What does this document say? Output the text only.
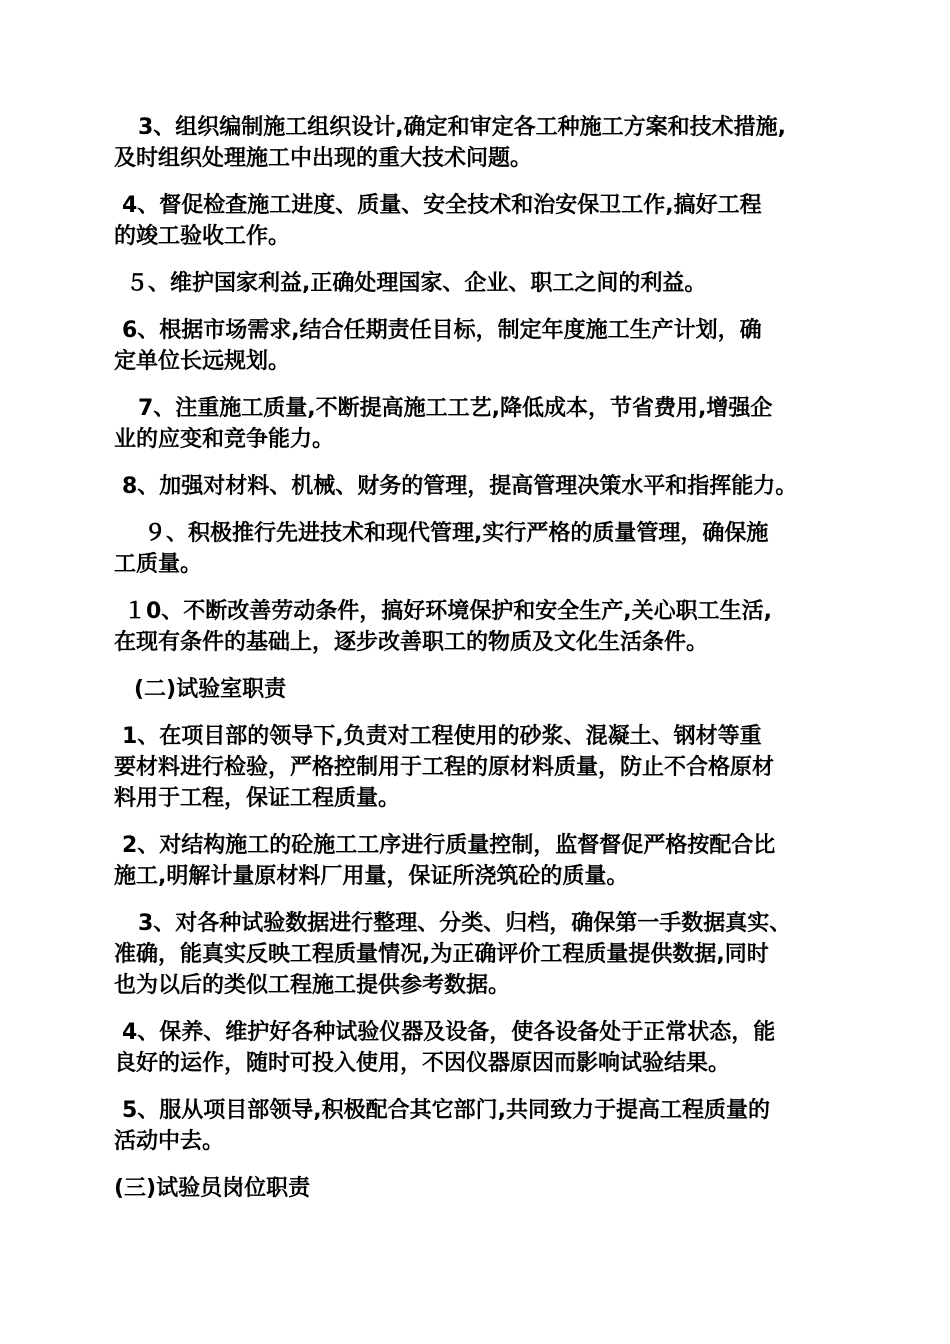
3、组织编制施工组织设计,确定和审定各工种施工方案和技术措施,
及时组织处理施工中出现的重大技术问题。

4、督促检查施工进度、质量、安全技术和治安保卫工作,搞好工程
的竣工验收工作。

５、维护国家利益,正确处理国家、企业、职工之间的利益。

6、根据市场需求,结合任期责任目标，制定年度施工生产计划，确
定单位长远规划。

7、注重施工质量,不断提高施工工艺,降低成本，节省费用,增强企
业的应变和竞争能力。

8、加强对材料、机械、财务的管理，提高管理决策水平和指挥能力。

９、积极推行先进技术和现代管理,实行严格的质量管理，确保施
工质量。

１0、不断改善劳动条件，搞好环境保护和安全生产,关心职工生活,
在现有条件的基础上，逐步改善职工的物质及文化生活条件。

(二)试验室职责

1、在项目部的领导下,负责对工程使用的砂浆、混凝土、钢材等重
要材料进行检验，严格控制用于工程的原材料质量，防止不合格原材
料用于工程，保证工程质量。

2、对结构施工的砼施工工序进行质量控制，监督督促严格按配合比
施工,明解计量原材料厂用量，保证所浇筑砼的质量。

3、对各种试验数据进行整理、分类、归档，确保第一手数据真实、
准确，能真实反映工程质量情况,为正确评价工程质量提供数据,同时
也为以后的类似工程施工提供参考数据。

4、保养、维护好各种试验仪器及设备，使各设备处于正常状态，能
良好的运作，随时可投入使用，不因仪器原因而影响试验结果。

5、服从项目部领导,积极配合其它部门,共同致力于提高工程质量的
活动中去。

(三)试验员岗位职责
